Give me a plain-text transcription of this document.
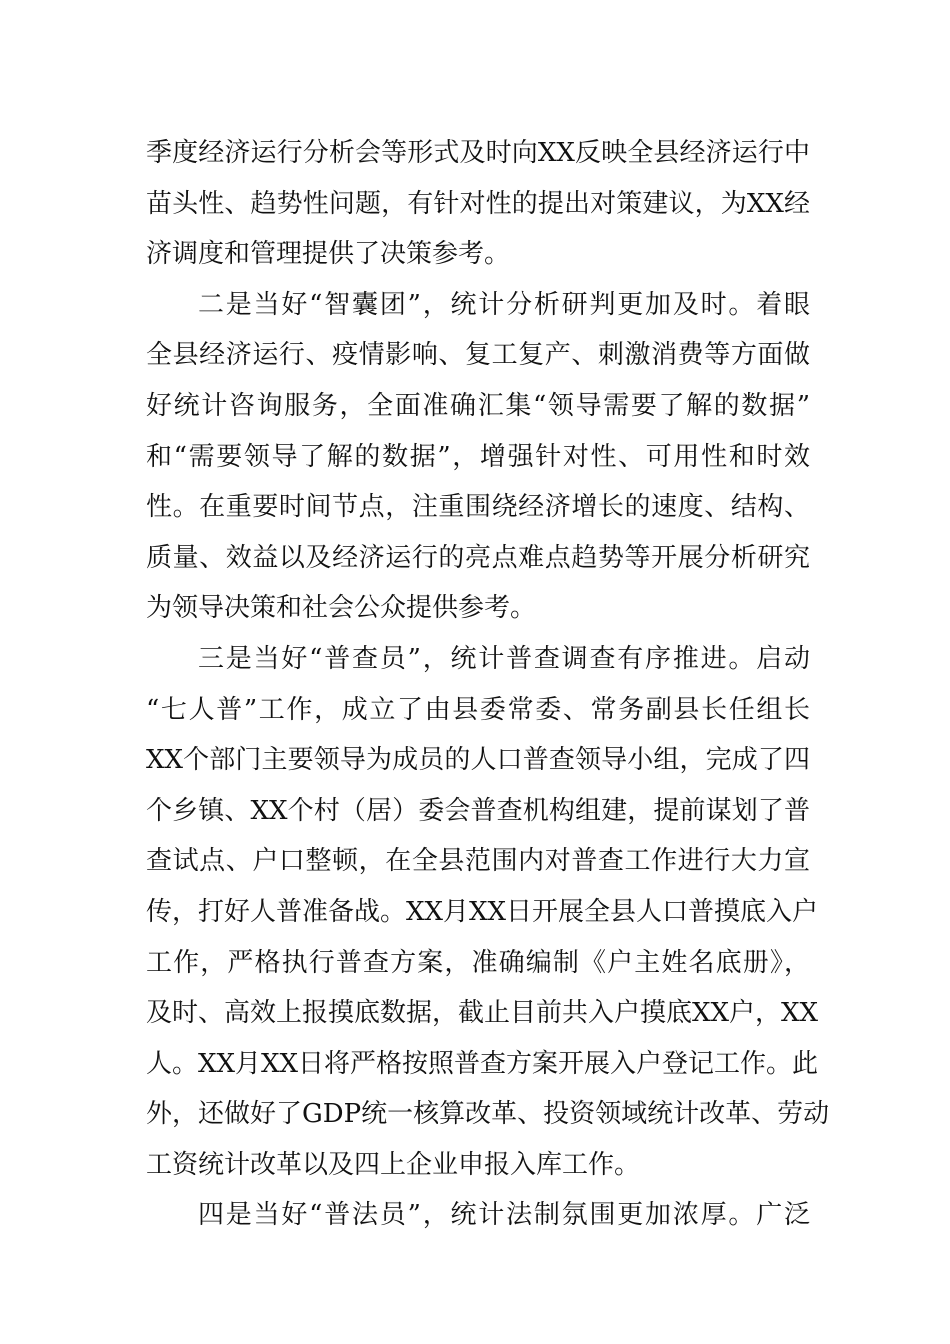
季度经济运行分析会等形式及时向XX反映全县经济运行中
苗头性、趋势性问题，有针对性的提出对策建议，为XX经
济调度和管理提供了决策参考。
二是当好“智囊团”，统计分析研判更加及时。着眼
全县经济运行、疫情影响、复工复产、刺激消费等方面做
好统计咨询服务，全面准确汇集“领导需要了解的数据”
和“需要领导了解的数据”，增强针对性、可用性和时效
性。在重要时间节点，注重围绕经济增长的速度、结构、
质量、效益以及经济运行的亮点难点趋势等开展分析研究
为领导决策和社会公众提供参考。
三是当好“普查员”，统计普查调查有序推进。启动
“七人普”工作，成立了由县委常委、常务副县长任组长
XX个部门主要领导为成员的人口普查领导小组，完成了四
个乡镇、XX个村（居）委会普查机构组建，提前谋划了普
查试点、户口整顿，在全县范围内对普查工作进行大力宣
传，打好人普准备战。XX月XX日开展全县人口普摸底入户
工作，严格执行普查方案，准确编制《户主姓名底册》，
及时、高效上报摸底数据，截止目前共入户摸底XX户，XX
人。XX月XX日将严格按照普查方案开展入户登记工作。此
外，还做好了GDP统一核算改革、投资领域统计改革、劳动
工资统计改革以及四上企业申报入库工作。
四是当好“普法员”，统计法制氛围更加浓厚。广泛
